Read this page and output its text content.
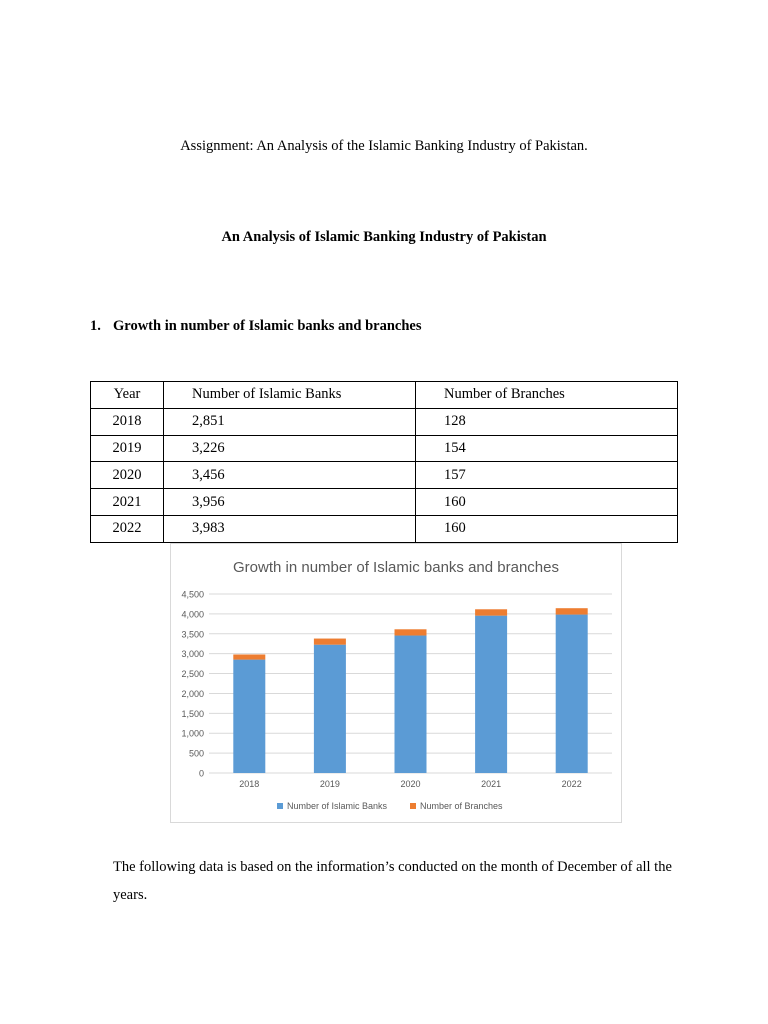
Assignment: An Analysis of the Islamic Banking Industry of Pakistan.
An Analysis of Islamic Banking Industry of Pakistan
1. Growth in number of Islamic banks and branches
Year	Number of Islamic Banks	Number of Branches
2018	2,851	128
2019	3,226	154
2020	3,456	157
2021	3,956	160
2022	3,983	160
Growth in number of Islamic banks and branches
0
500
1,000
1,500
2,000
2,500
3,000
3,500
4,000
4,500
2018	2019	2020	2021	2022
Number of Islamic Banks	Number of Branches
The following data is based on the information’s conducted on the month of December of all the years.
